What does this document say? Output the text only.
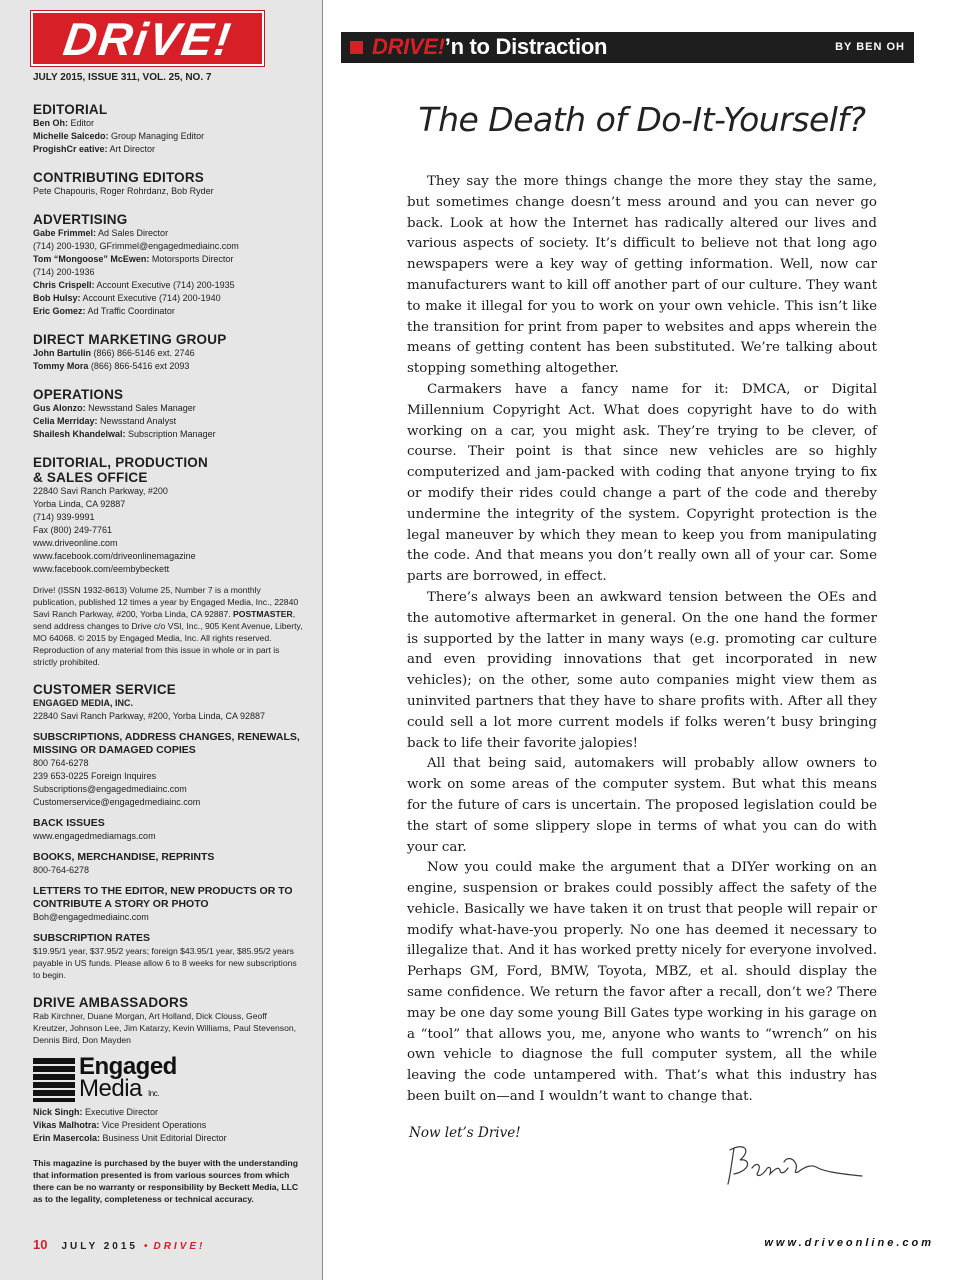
DRiVE!
JULY 2015, ISSUE 311, VOL. 25, NO. 7
EDITORIAL
Ben Oh: Editor
Michelle Salcedo: Group Managing Editor
ProgishCr eative: Art Director
CONTRIBUTING EDITORS
Pete Chapouris, Roger Rohrdanz, Bob Ryder
ADVERTISING
Gabe Frimmel: Ad Sales Director
(714) 200-1930, GFrimmel@engagedmediainc.com
Tom “Mongoose” McEwen: Motorsports Director
(714) 200-1936
Chris Crispell: Account Executive (714) 200-1935
Bob Hulsy: Account Executive (714) 200-1940
Eric Gomez: Ad Traffic Coordinator
DIRECT MARKETING GROUP
John Bartulin (866) 866-5146 ext. 2746
Tommy Mora (866) 866-5416 ext 2093
OPERATIONS
Gus Alonzo: Newsstand Sales Manager
Celia Merriday: Newsstand Analyst
Shailesh Khandelwal: Subscription Manager
EDITORIAL, PRODUCTION
& SALES OFFICE
22840 Savi Ranch Parkway, #200
Yorba Linda, CA 92887
(714) 939-9991
Fax (800) 249-7761
www.driveonline.com
www.facebook.com/driveonlinemagazine
www.facebook.com/eembybeckett
Drive! (ISSN 1932-8613) Volume 25, Number 7 is a monthly publication, published 12 times a year by Engaged Media, Inc., 22840 Savi Ranch Parkway, #200, Yorba Linda, CA 92887. POSTMASTER, send address changes to Drive c/o VSI, Inc., 905 Kent Avenue, Liberty, MO 64068. © 2015 by Engaged Media, Inc. All rights reserved. Reproduction of any material from this issue in whole or in part is strictly prohibited.
CUSTOMER SERVICE
ENGAGED MEDIA, INC.
22840 Savi Ranch Parkway, #200, Yorba Linda, CA 92887
SUBSCRIPTIONS, ADDRESS CHANGES, RENEWALS,
MISSING OR DAMAGED COPIES
800 764-6278
239 653-0225 Foreign Inquires
Subscriptions@engagedmediainc.com
Customerservice@engagedmediainc.com
BACK ISSUES
www.engagedmediamags.com
BOOKS, MERCHANDISE, REPRINTS
800-764-6278
LETTERS TO THE EDITOR, NEW PRODUCTS OR TO
CONTRIBUTE A STORY OR PHOTO
Boh@engagedmediainc.com
SUBSCRIPTION RATES
$19.95/1 year, $37.95/2 years; foreign $43.95/1 year, $85.95/2 years payable in US funds. Please allow 6 to 8 weeks for new subscriptions to begin.
DRIVE AMBASSADORS
Rab Kirchner, Duane Morgan, Art Holland, Dick Clouss, Geoff Kreutzer, Johnson Lee, Jim Katarzy, Kevin Williams, Paul Stevenson, Dennis Bird, Don Mayden
Engaged
Media Inc.
Nick Singh: Executive Director
Vikas Malhotra: Vice President Operations
Erin Masercola: Business Unit Editorial Director
This magazine is purchased by the buyer with the understanding that information presented is from various sources from which there can be no warranty or responsibility by Beckett Media, LLC as to the legality, completeness or technical accuracy.
10 JULY 2015 • DRIVE!
DRIVE!’n to Distraction	BY BEN OH
The Death of Do-It-Yourself?

They say the more things change the more they stay the same, but sometimes change doesn’t mess around and you can never go back. Look at how the Internet has radically altered our lives and various aspects of society. It’s difficult to believe not that long ago newspapers were a key way of getting information. Well, now car manufacturers want to kill off another part of our culture. They want to make it illegal for you to work on your own vehicle. This isn’t like the transition for print from paper to websites and apps wherein the means of getting content has been substituted. We’re talking about stopping something altogether.

Carmakers have a fancy name for it: DMCA, or Digital Millennium Copyright Act. What does copyright have to do with working on a car, you might ask. They’re trying to be clever, of course. Their point is that since new vehicles are so highly computerized and jam-packed with coding that anyone trying to fix or modify their rides could change a part of the code and thereby undermine the integrity of the system. Copyright protection is the legal maneuver by which they mean to keep you from manipulating the code. And that means you don’t really own all of your car. Some parts are borrowed, in effect.

There’s always been an awkward tension between the OEs and the automotive aftermarket in general. On the one hand the former is supported by the latter in many ways (e.g. promoting car culture and even providing innovations that get incorporated in new vehicles); on the other, some auto companies might view them as uninvited partners that they have to share profits with. After all they could sell a lot more current models if folks weren’t busy bringing back to life their favorite jalopies!

All that being said, automakers will probably allow owners to work on some areas of the computer system. But what this means for the future of cars is uncertain. The proposed legislation could be the start of some slippery slope in terms of what you can do with your car.

Now you could make the argument that a DIYer working on an engine, suspension or brakes could possibly affect the safety of the vehicle. Basically we have taken it on trust that people will repair or modify what-have-you properly. No one has deemed it necessary to illegalize that. And it has worked pretty nicely for everyone involved. Perhaps GM, Ford, BMW, Toyota, MBZ, et al. should display the same confidence. We return the favor after a recall, don’t we? There may be one day some young Bill Gates type working in his garage on a “tool” that allows you, me, anyone who wants to “wrench” on his own vehicle to diagnose the full computer system, all the while leaving the code untampered with. That’s what this industry has been built on—and I wouldn’t want to change that.

Now let’s Drive!
www.driveonline.com
